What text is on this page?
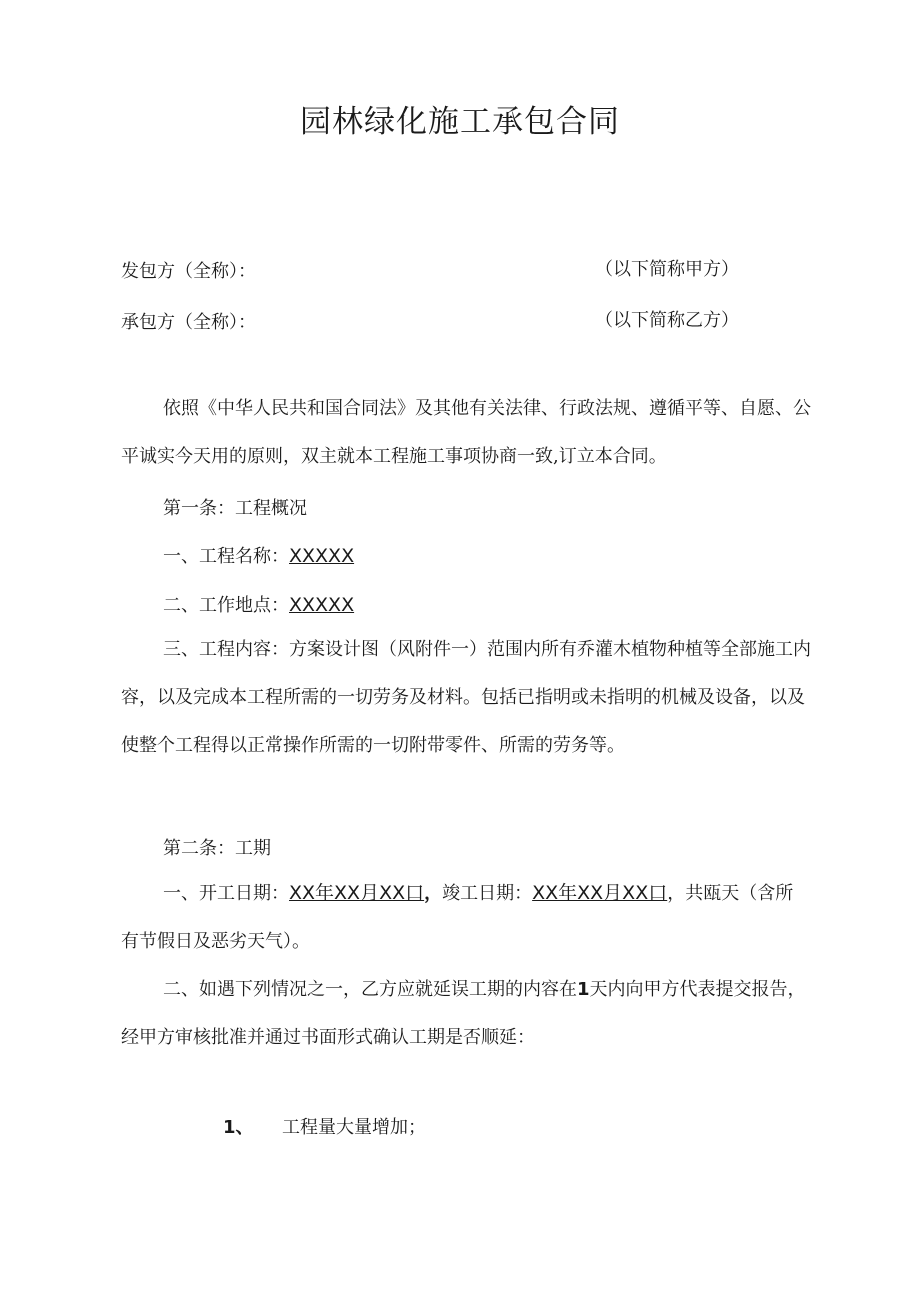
园林绿化施工承包合同
发包方（全称）：	（以下简称甲方）
承包方（全称）：	（以下简称乙方）

依照《中华人民共和国合同法》及其他有关法律、行政法规、遵循平等、自愿、公平诚实今天用的原则，双主就本工程施工事项协商一致,订立本合同。

第一条：工程概况
一、工程名称：XXXXX
二、工作地点：XXXXX

三、工程内容：方案设计图（风附件一）范围内所有乔灌木植物种植等全部施工内容，以及完成本工程所需的一切劳务及材料。包括已指明或未指明的机械及设备，以及使整个工程得以正常操作所需的一切附带零件、所需的劳务等。

第二条：工期

一、开工日期：XX年XX月XX口，竣工日期：XX年XX月XX口，共瓯天（含所有节假日及恶劣天气）。

二、如遇下列情况之一，乙方应就延误工期的内容在1天内向甲方代表提交报告，经甲方审核批准并通过书面形式确认工期是否顺延：

1、 工程量大量增加；
